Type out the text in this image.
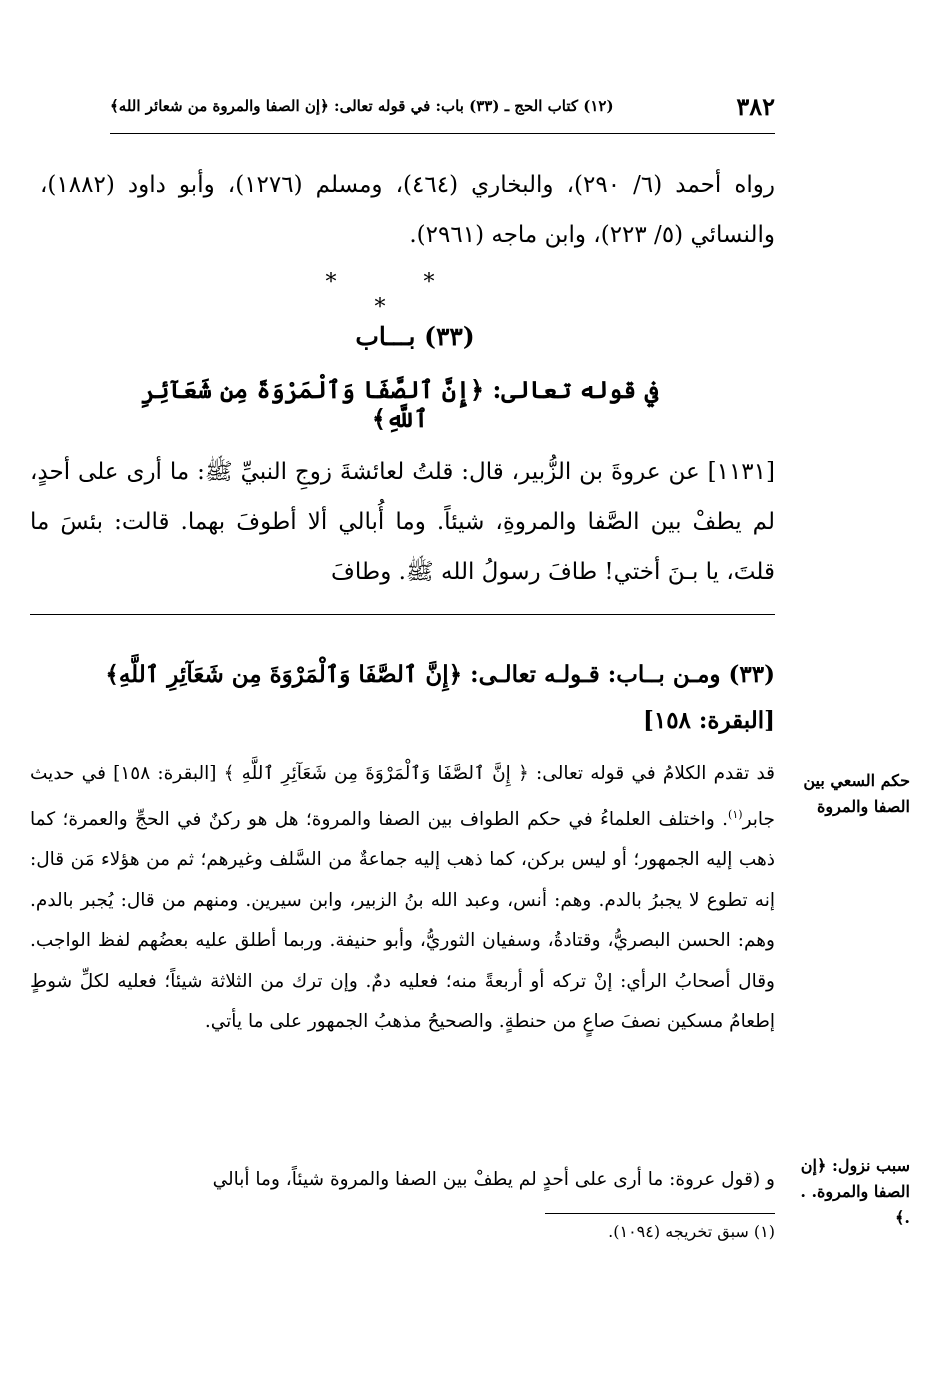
٣٨٢
(١٢) كتاب الحج ـ (٣٣) باب: في قوله تعالى: ﴿إن الصفا والمروة من شعائر الله﴾
رواه أحمد (٦/ ٢٩٠)، والبخاري (٤٦٤)، ومسلم (١٢٧٦)، وأبو داود (١٨٨٢)، والنسائي (٥/ ٢٢٣)، وابن ماجه (٢٩٦١).
* * *
(٣٣) بـــاب
في قوله تعالى: ﴿إِنَّ ٱلصَّفَا وَٱلْمَرْوَةَ مِن شَعَآئِرِ ٱللَّهِ﴾
[١١٣١] عن عروةَ بن الزُّبير، قال: قلتُ لعائشةَ زوجِ النبيِّ ﷺ: ما أرى على أحدٍ، لم يطفْ بين الصَّفا والمروةِ، شيئاً. وما أُبالي ألا أطوفَ بهما. قالت: بئسَ ما قلتَ، يا بـنَ أختي! طافَ رسولُ الله ﷺ. وطافَ
(٣٣) ومـن بــاب: قـولـه تعالـى: ﴿إِنَّ ٱلصَّفَا وَٱلْمَرْوَةَ مِن شَعَآئِرِ ٱللَّهِ﴾ [البقرة: ١٥٨]
قد تقدم الكلامُ في قوله تعالى: ﴿ إِنَّ ٱلصَّفَا وَٱلْمَرْوَةَ مِن شَعَآئِرِ ٱللَّهِ ﴾ [البقرة: ١٥٨] في حديث جابر$^{(١)}$. واختلف العلماءُ في حكم الطواف بين الصفا والمروة؛ هل هو ركنٌ في الحجِّ والعمرة؛ كما ذهب إليه الجمهور؛ أو ليس بركن، كما ذهب إليه جماعةٌ من السَّلف وغيرهم؛ ثم من هؤلاء مَن قال: إنه تطوع لا يجبرُ بالدم. وهم: أنس، وعبد الله بنُ الزبير، وابن سيرين. ومنهم من قال: يُجبر بالدم. وهم: الحسن البصريُّ، وقتادةُ، وسفيان الثوريُّ، وأبو حنيفة. وربما أطلق عليه بعضُهم لفظ الواجب. وقال أصحابُ الرأي: إنْ تركه أو أربعةً منه؛ فعليه دمٌ. وإن ترك من الثلاثة شيئاً؛ فعليه لكلِّ شوطٍ إطعامُ مسكين نصفَ صاعٍ من حنطةٍ. والصحيحُ مذهبُ الجمهور على ما يأتي.
و (قول عروة: ما أرى على أحدٍ لم يطفْ بين الصفا والمروة شيئاً، وما أبالي
حكم السعي بين الصفا والمروة
سبب نزول: ﴿إن الصفا والمروة. . .﴾
(١) سبق تخريجه (١٠٩٤).
